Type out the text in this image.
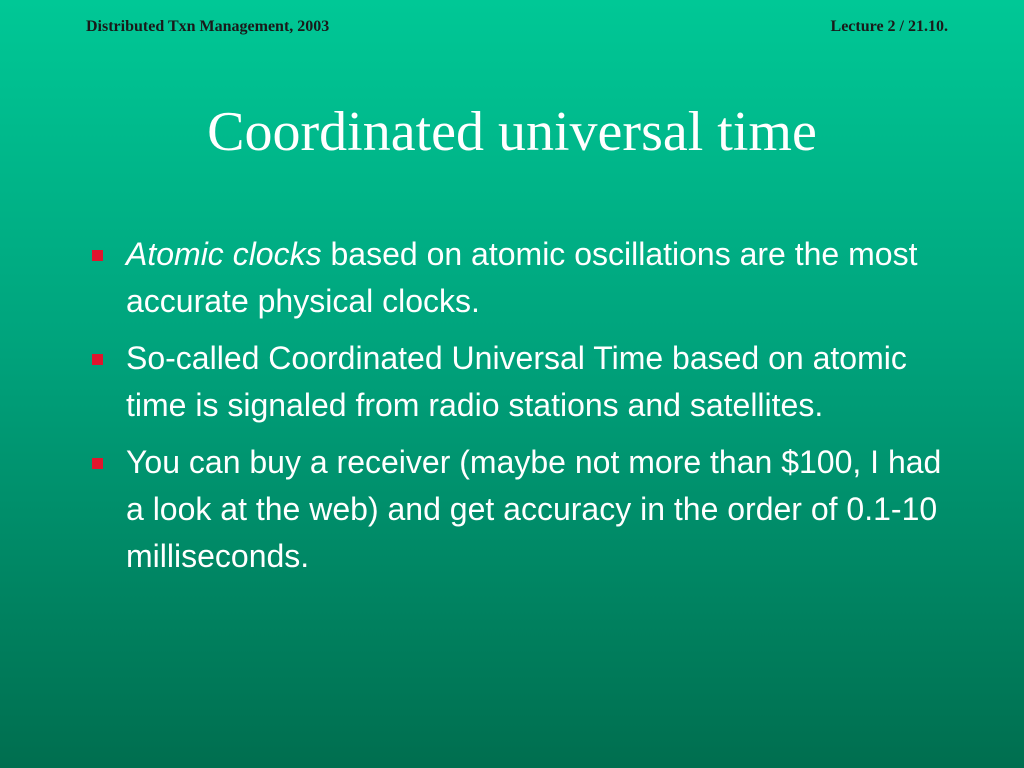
Distributed Txn Management, 2003	Lecture 2 / 21.10.
Coordinated universal time
Atomic clocks based on atomic oscillations are the most accurate physical clocks.
So-called Coordinated Universal Time based on atomic time is signaled from radio stations and satellites.
You can buy a receiver (maybe not more than $100, I had a look at the web) and get accuracy in the order of 0.1-10 milliseconds.
